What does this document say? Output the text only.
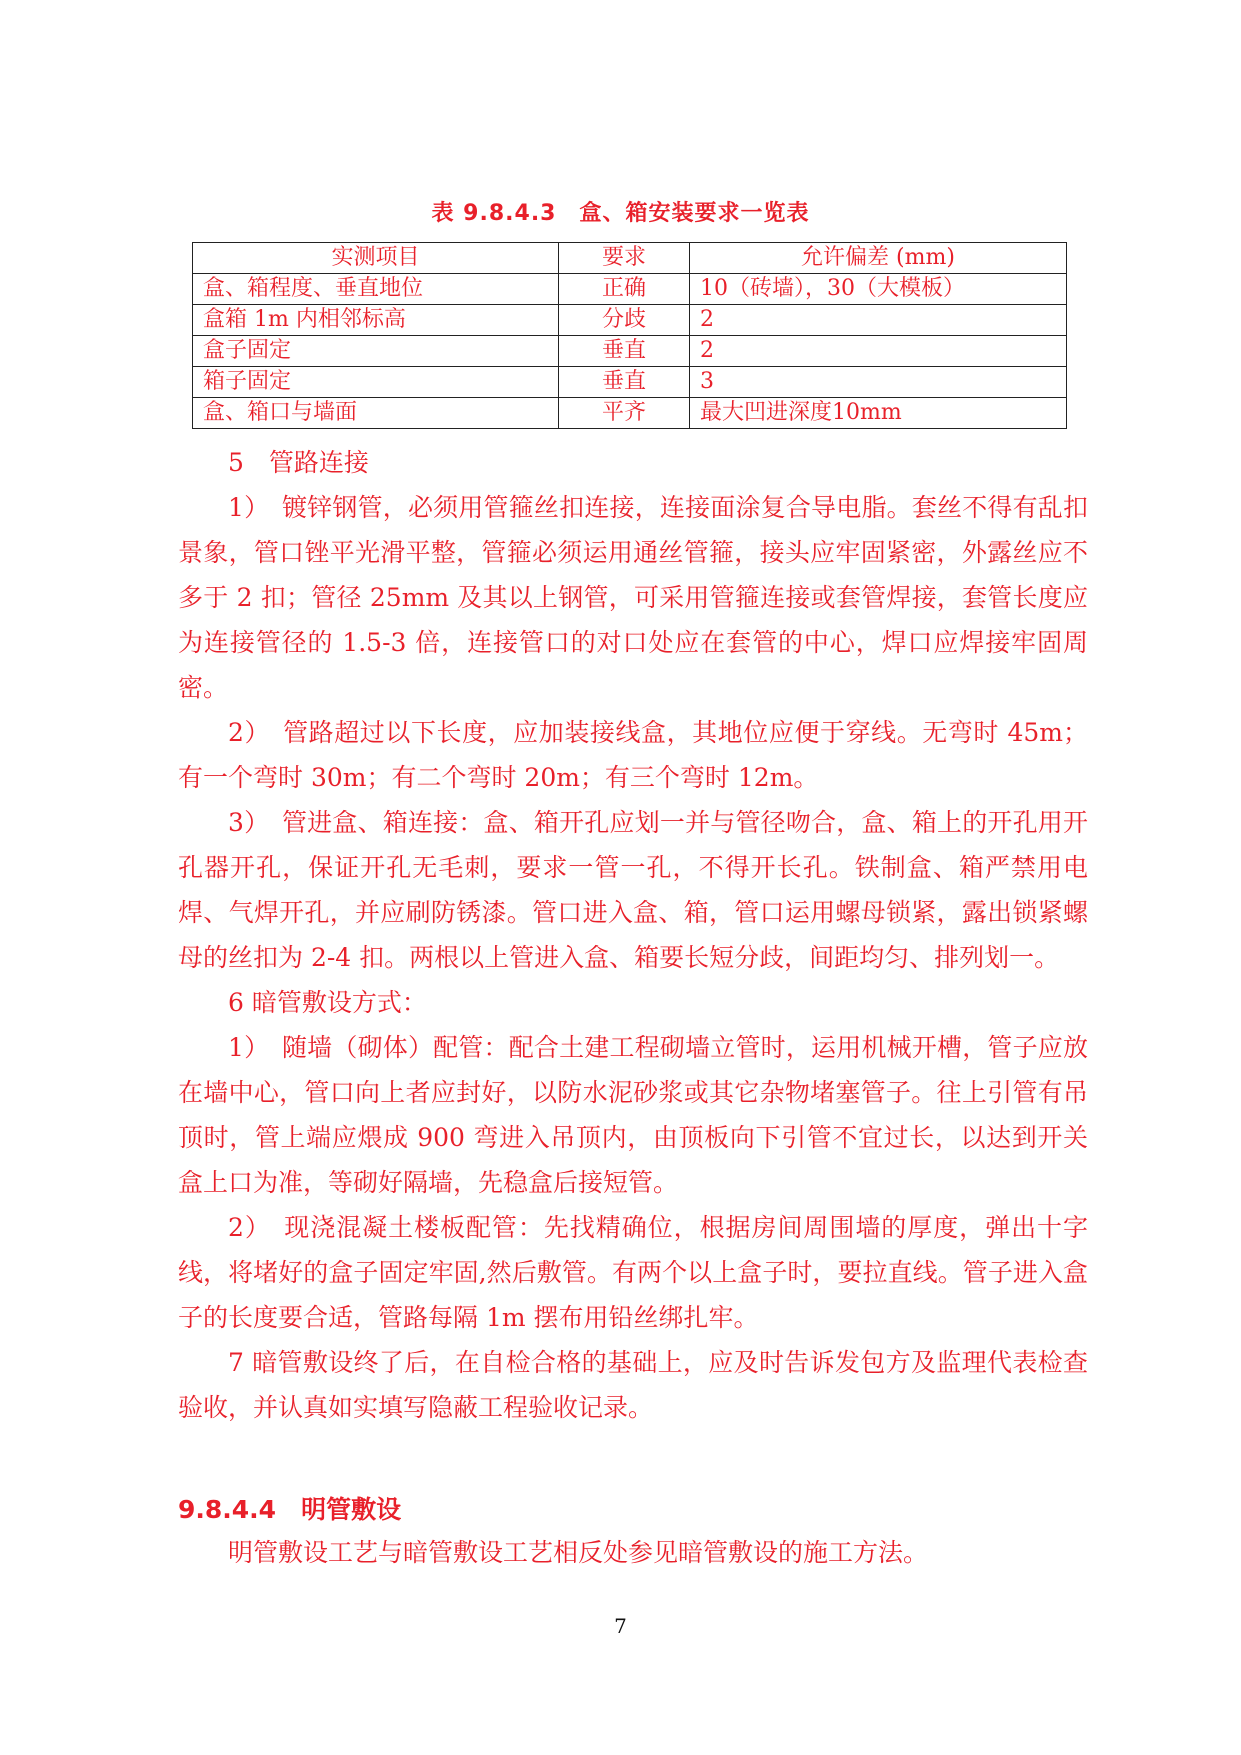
表 9.8.4.3　盒、箱安装要求一览表
实测项目	要求	允许偏差 (mm)
盒、箱程度、垂直地位	正确	10（砖墙），30（大模板）
盒箱 1m 内相邻标高	分歧	2
盒子固定	垂直	2
箱子固定	垂直	3
盒、箱口与墙面	平齐	最大凹进深度10mm

5　管路连接

1）　镀锌钢管，必须用管箍丝扣连接，连接面涂复合导电脂。套丝不得有乱扣景象，管口锉平光滑平整，管箍必须运用通丝管箍，接头应牢固紧密，外露丝应不多于 2 扣；管径 25mm 及其以上钢管，可采用管箍连接或套管焊接，套管长度应为连接管径的 1.5-3 倍，连接管口的对口处应在套管的中心，焊口应焊接牢固周密。

2）　管路超过以下长度，应加装接线盒，其地位应便于穿线。无弯时 45m；有一个弯时 30m；有二个弯时 20m；有三个弯时 12m。

3）　管进盒、箱连接：盒、箱开孔应划一并与管径吻合，盒、箱上的开孔用开孔器开孔，保证开孔无毛刺，要求一管一孔，不得开长孔。铁制盒、箱严禁用电焊、气焊开孔，并应刷防锈漆。管口进入盒、箱，管口运用螺母锁紧，露出锁紧螺母的丝扣为 2-4 扣。两根以上管进入盒、箱要长短分歧，间距均匀、排列划一。

6 暗管敷设方式：

1）　随墙（砌体）配管：配合土建工程砌墙立管时，运用机械开槽，管子应放在墙中心，管口向上者应封好，以防水泥砂浆或其它杂物堵塞管子。往上引管有吊顶时，管上端应煨成 900 弯进入吊顶内，由顶板向下引管不宜过长，以达到开关盒上口为准，等砌好隔墙，先稳盒后接短管。

2）　现浇混凝土楼板配管：先找精确位，根据房间周围墙的厚度，弹出十字线，将堵好的盒子固定牢固,然后敷管。有两个以上盒子时，要拉直线。管子进入盒子的长度要合适，管路每隔 1m 摆布用铅丝绑扎牢。

7 暗管敷设终了后，在自检合格的基础上，应及时告诉发包方及监理代表检查验收，并认真如实填写隐蔽工程验收记录。

9.8.4.4　明管敷设

明管敷设工艺与暗管敷设工艺相反处参见暗管敷设的施工方法。

7
